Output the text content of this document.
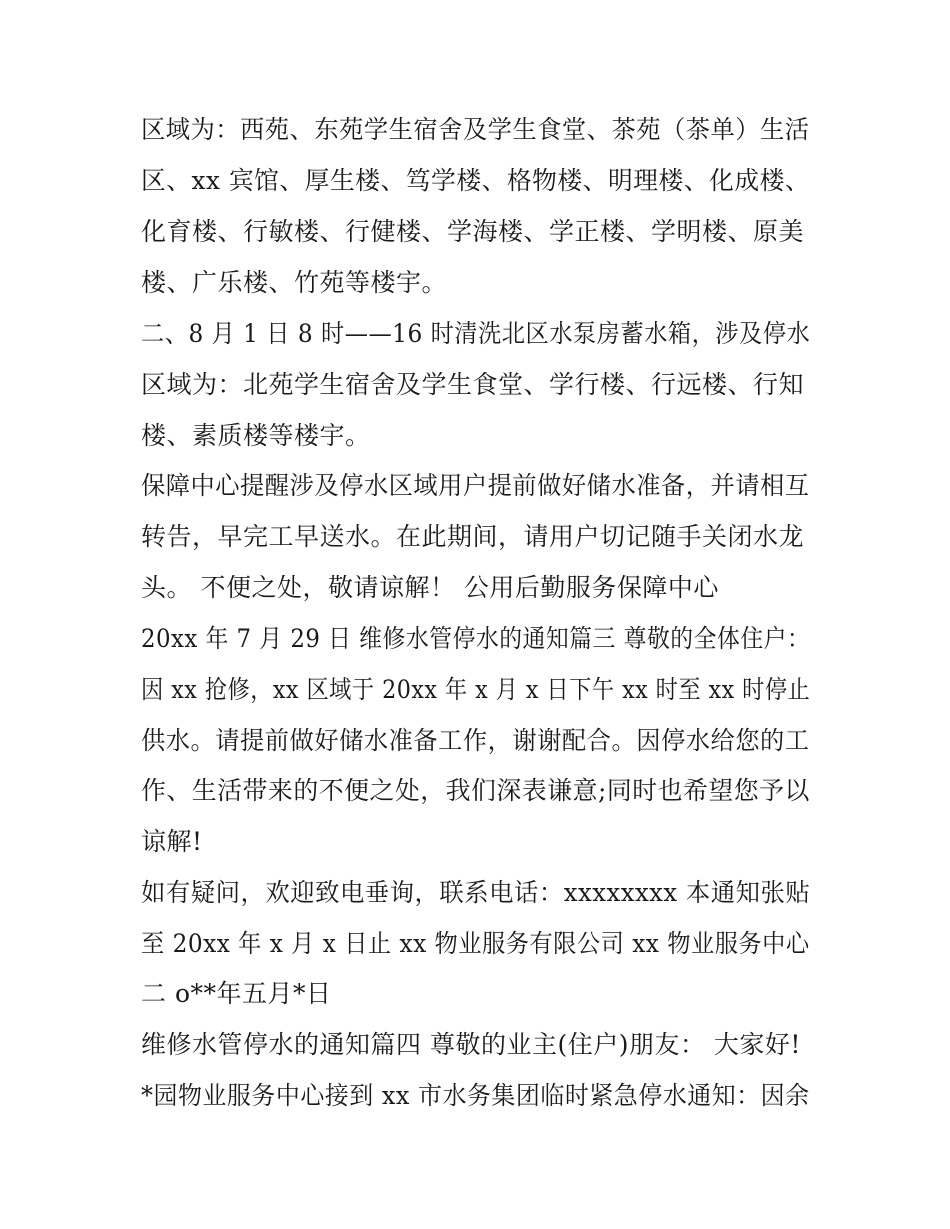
区域为：西苑、东苑学生宿舍及学生食堂、茶苑（茶单）生活
区、xx 宾馆、厚生楼、笃学楼、格物楼、明理楼、化成楼、
化育楼、行敏楼、行健楼、学海楼、学正楼、学明楼、原美
楼、广乐楼、竹苑等楼宇。
二、8 月 1 日 8 时——16 时清洗北区水泵房蓄水箱，涉及停水
区域为：北苑学生宿舍及学生食堂、学行楼、行远楼、行知
楼、素质楼等楼宇。
保障中心提醒涉及停水区域用户提前做好储水准备，并请相互
转告，早完工早送水。在此期间，请用户切记随手关闭水龙
头。 不便之处，敬请谅解！ 公用后勤服务保障中心
20xx 年 7 月 29 日 维修水管停水的通知篇三 尊敬的全体住户：
因 xx 抢修，xx 区域于 20xx 年 x 月 x 日下午 xx 时至 xx 时停止
供水。请提前做好储水准备工作，谢谢配合。因停水给您的工
作、生活带来的不便之处，我们深表谦意;同时也希望您予以
谅解!
如有疑问，欢迎致电垂询，联系电话：xxxxxxxx 本通知张贴
至 20xx 年 x 月 x 日止 xx 物业服务有限公司 xx 物业服务中心
二 o**年五月*日
维修水管停水的通知篇四 尊敬的业主(住户)朋友： 大家好!
*园物业服务中心接到 xx 市水务集团临时紧急停水通知：因余
